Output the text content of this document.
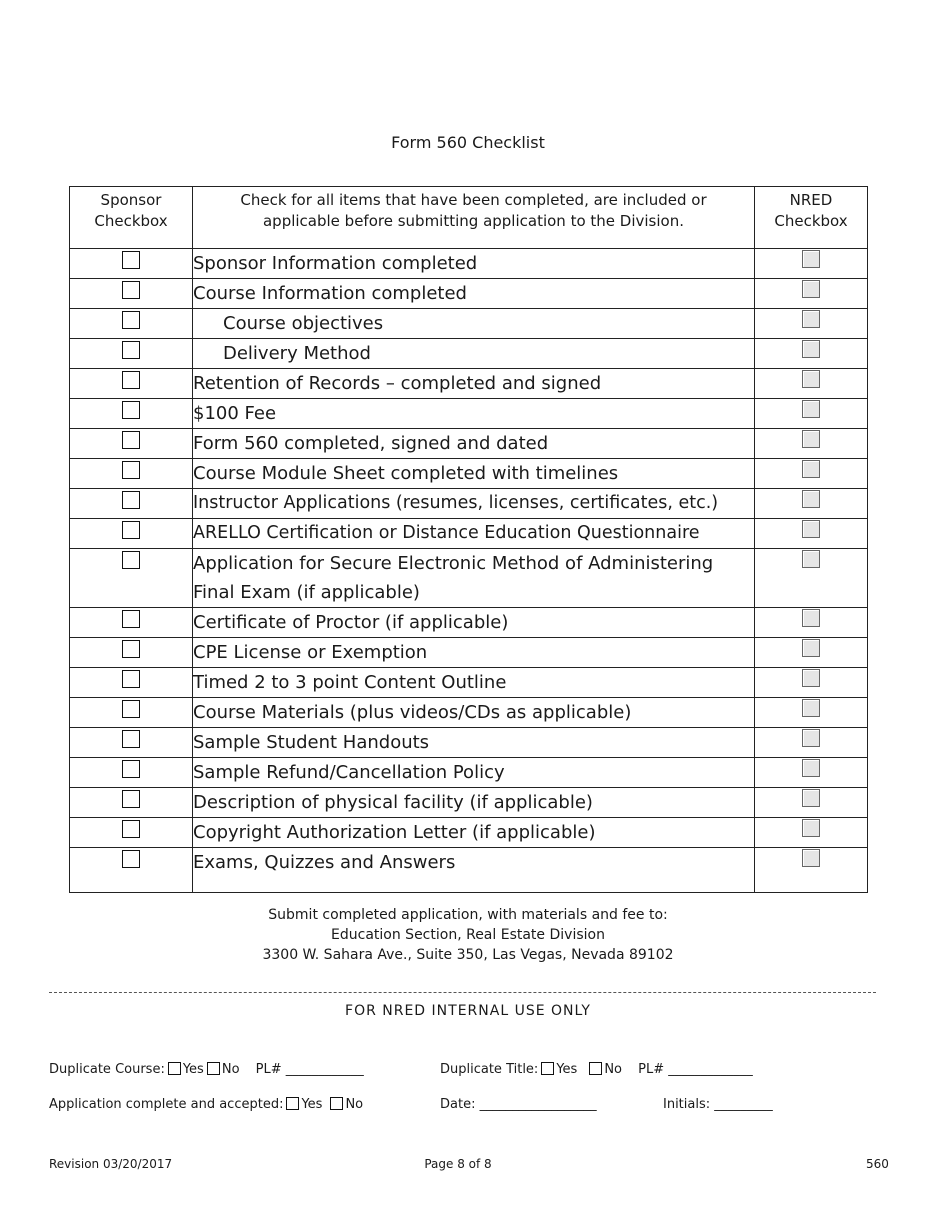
Form 560 Checklist
Sponsor Checkbox	Check for all items that have been completed, are included or applicable before submitting application to the Division.	NRED Checkbox
	Sponsor Information completed	
	Course Information completed	
	Course objectives	
	Delivery Method	
	Retention of Records – completed and signed	
	$100 Fee	
	Form 560 completed, signed and dated	
	Course Module Sheet completed with timelines	
	Instructor Applications (resumes, licenses, certificates, etc.)	
	ARELLO Certification or Distance Education Questionnaire	
	Application for Secure Electronic Method of Administering Final Exam (if applicable)	
	Certificate of Proctor (if applicable)	
	CPE License or Exemption	
	Timed 2 to 3 point Content Outline	
	Course Materials (plus videos/CDs as applicable)	
	Sample Student Handouts	
	Sample Refund/Cancellation Policy	
	Description of physical facility (if applicable)	
	Copyright Authorization Letter (if applicable)	
	Exams, Quizzes and Answers	
Submit completed application, with materials and fee to:
Education Section, Real Estate Division
3300 W. Sahara Ave., Suite 350, Las Vegas, Nevada 89102
FOR NRED INTERNAL USE ONLY
Duplicate Course: Yes No PL# ____________	Duplicate Title: Yes No PL# _____________
Application complete and accepted: Yes No	Date: __________________	Initials: _________
Revision 03/20/2017	Page 8 of 8	560
